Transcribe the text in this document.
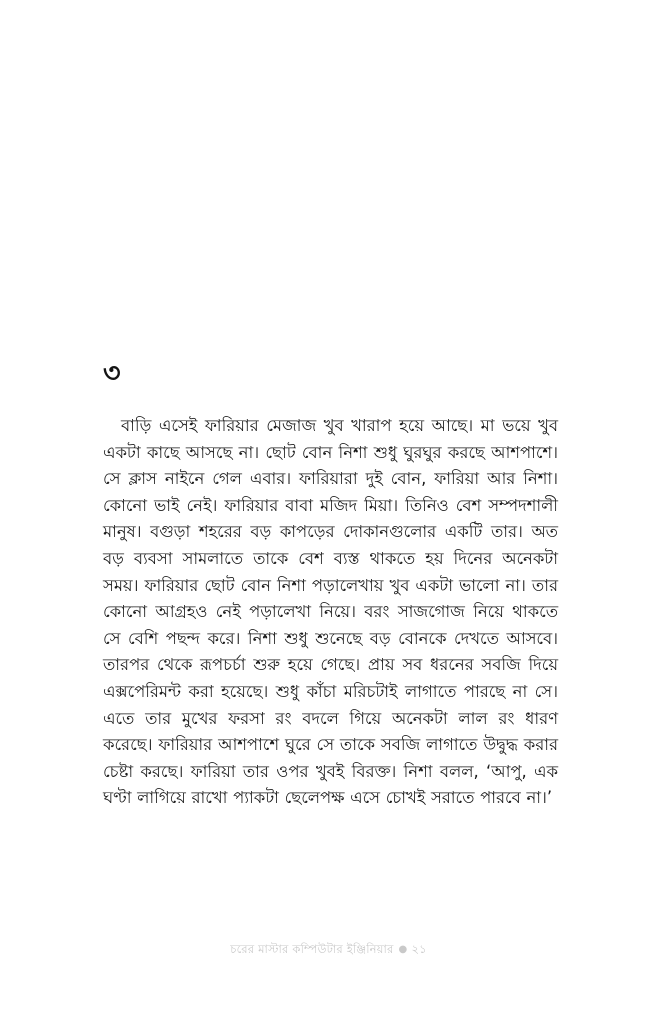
৩

বাড়ি এসেই ফারিয়ার মেজাজ খুব খারাপ হয়ে আছে। মা ভয়ে খুব একটা কাছে আসছে না। ছোট বোন নিশা শুধু ঘুরঘুর করছে আশপাশে। সে ক্লাস নাইনে গেল এবার। ফারিয়ারা দুই বোন, ফারিয়া আর নিশা। কোনো ভাই নেই। ফারিয়ার বাবা মজিদ মিয়া। তিনিও বেশ সম্পদশালী মানুষ। বগুড়া শহরের বড় কাপড়ের দোকানগুলোর একটি তার। অত বড় ব্যবসা সামলাতে তাকে বেশ ব্যস্ত থাকতে হয় দিনের অনেকটা সময়। ফারিয়ার ছোট বোন নিশা পড়ালেখায় খুব একটা ভালো না। তার কোনো আগ্রহও নেই পড়ালেখা নিয়ে। বরং সাজগোজ নিয়ে থাকতে সে বেশি পছন্দ করে। নিশা শুধু শুনেছে বড় বোনকে দেখতে আসবে। তারপর থেকে রূপচর্চা শুরু হয়ে গেছে। প্রায় সব ধরনের সবজি দিয়ে এক্সপেরিমন্ট করা হয়েছে। শুধু কাঁচা মরিচটাই লাগাতে পারছে না সে। এতে তার মুখের ফরসা রং বদলে গিয়ে অনেকটা লাল রং ধারণ করেছে। ফারিয়ার আশপাশে ঘুরে সে তাকে সবজি লাগাতে উদ্বুদ্ধ করার চেষ্টা করছে। ফারিয়া তার ওপর খুবই বিরক্ত। নিশা বলল, ‘আপু, এক ঘণ্টা লাগিয়ে রাখো প্যাকটা ছেলেপক্ষ এসে চোখই সরাতে পারবে না।’

চরের মাস্টার কম্পিউটার ইঞ্জিনিয়ার ● ২১
